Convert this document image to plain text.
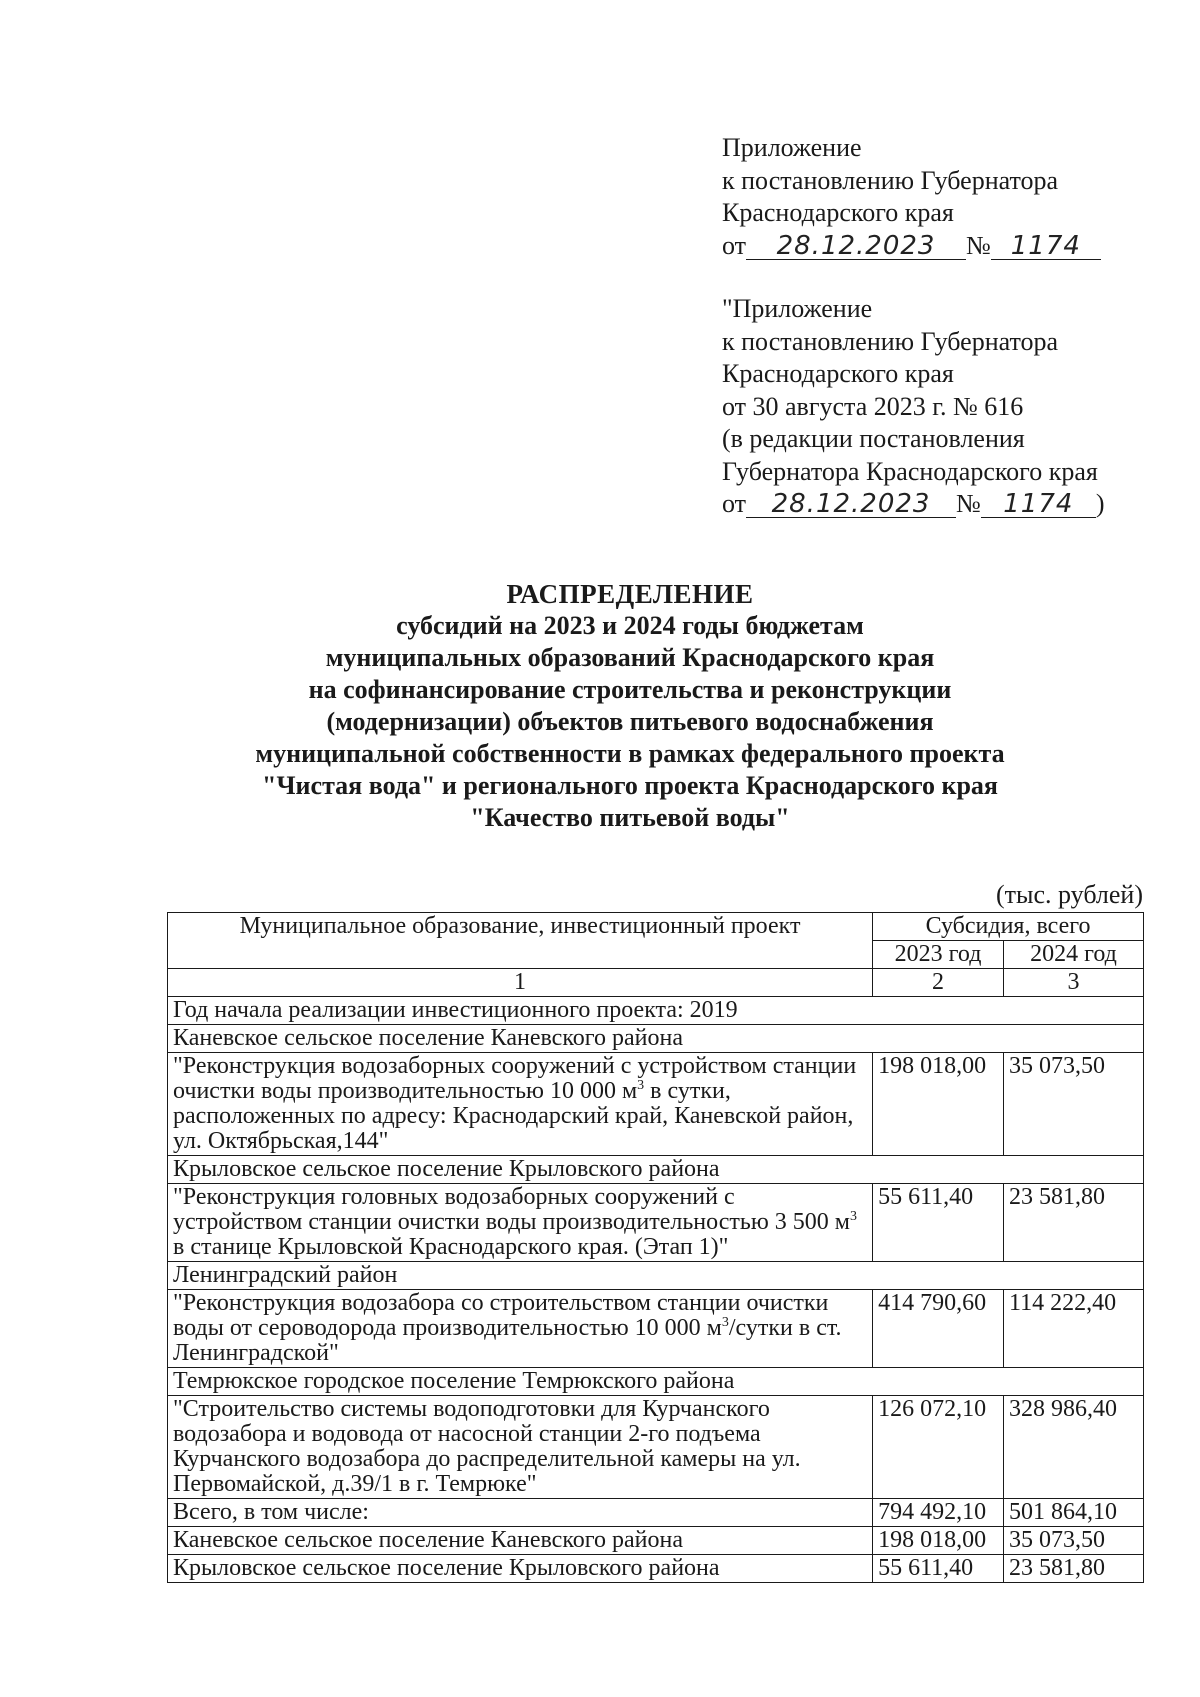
Приложение
к постановлению Губернатора
Краснодарского края
от 28.12.2023 № 1174
"Приложение
к постановлению Губернатора
Краснодарского края
от 30 августа 2023 г. № 616
(в редакции постановления
Губернатора Краснодарского края
от 28.12.2023 № 1174 )
РАСПРЕДЕЛЕНИЕ
субсидий на 2023 и 2024 годы бюджетам
муниципальных образований Краснодарского края
на софинансирование строительства и реконструкции
(модернизации) объектов питьевого водоснабжения
муниципальной собственности в рамках федерального проекта
"Чистая вода" и регионального проекта Краснодарского края
"Качество питьевой воды"
(тыс. рублей)
Муниципальное образование, инвестиционный проект	Субсидия, всего	
	2023 год	2024 год
1	2	3
Год начала реализации инвестиционного проекта: 2019		
Каневское сельское поселение Каневского района		
"Реконструкция водозаборных сооружений с устройством станции очистки воды производительностью 10 000 $м^3$ в сутки, расположенных по адресу: Краснодарский край, Каневской район, ул. Октябрьская,144"	198 018,00	35 073,50
Крыловское сельское поселение Крыловского района		
"Реконструкция головных водозаборных сооружений с устройством станции очистки воды производительностью 3 500 $м^3$ в станице Крыловской Краснодарского края. (Этап 1)"	55 611,40	23 581,80
Ленинградский район		
"Реконструкция водозабора со строительством станции очистки воды от сероводорода производительностью 10 000 $м^3$/сутки в ст. Ленинградской"	414 790,60	114 222,40
Темрюкское городское поселение Темрюкского района		
"Строительство системы водоподготовки для Курчанского водозабора и водовода от насосной станции 2-го подъема Курчанского водозабора до распределительной камеры на ул. Первомайской, д.39/1 в г. Темрюке"	126 072,10	328 986,40
Всего, в том числе:	794 492,10	501 864,10
Каневское сельское поселение Каневского района	198 018,00	35 073,50
Крыловское сельское поселение Крыловского района	55 611,40	23 581,80
